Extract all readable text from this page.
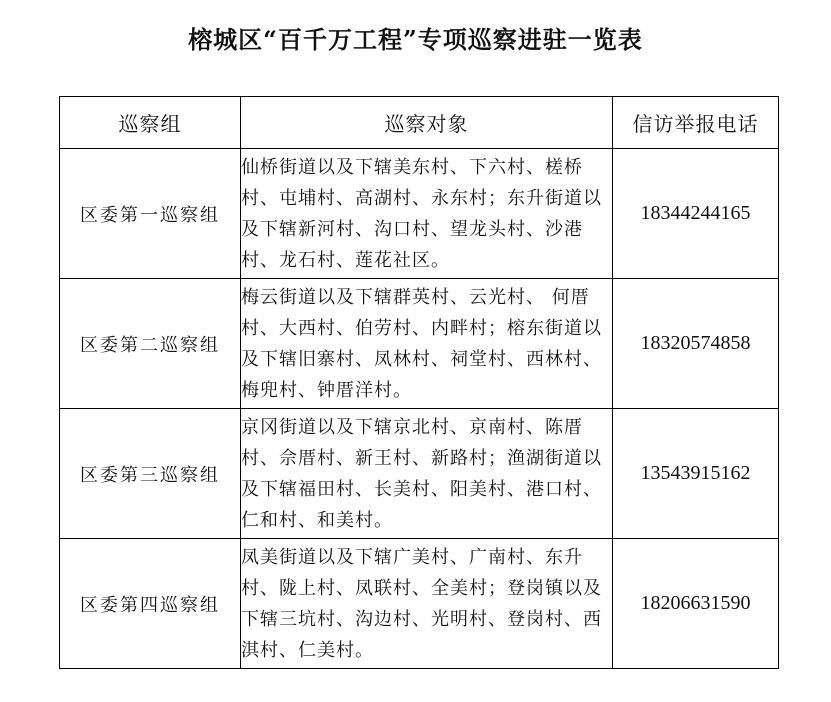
榕城区“百千万工程”专项巡察进驻一览表
巡察组	巡察对象	信访举报电话
区委第一巡察组	仙桥街道以及下辖美东村、下六村、槎桥村、屯埔村、高湖村、永东村；东升街道以及下辖新河村、沟口村、望龙头村、沙港村、龙石村、莲花社区。	18344244165
区委第二巡察组	梅云街道以及下辖群英村、云光村、 何厝村、大西村、伯劳村、内畔村；榕东街道以及下辖旧寨村、凤林村、祠堂村、西林村、梅兜村、钟厝洋村。	18320574858
区委第三巡察组	京冈街道以及下辖京北村、京南村、陈厝村、佘厝村、新王村、新路村；渔湖街道以及下辖福田村、长美村、阳美村、港口村、仁和村、和美村。	13543915162
区委第四巡察组	凤美街道以及下辖广美村、广南村、东升村、陇上村、凤联村、全美村；登岗镇以及下辖三坑村、沟边村、光明村、登岗村、西淇村、仁美村。	18206631590
